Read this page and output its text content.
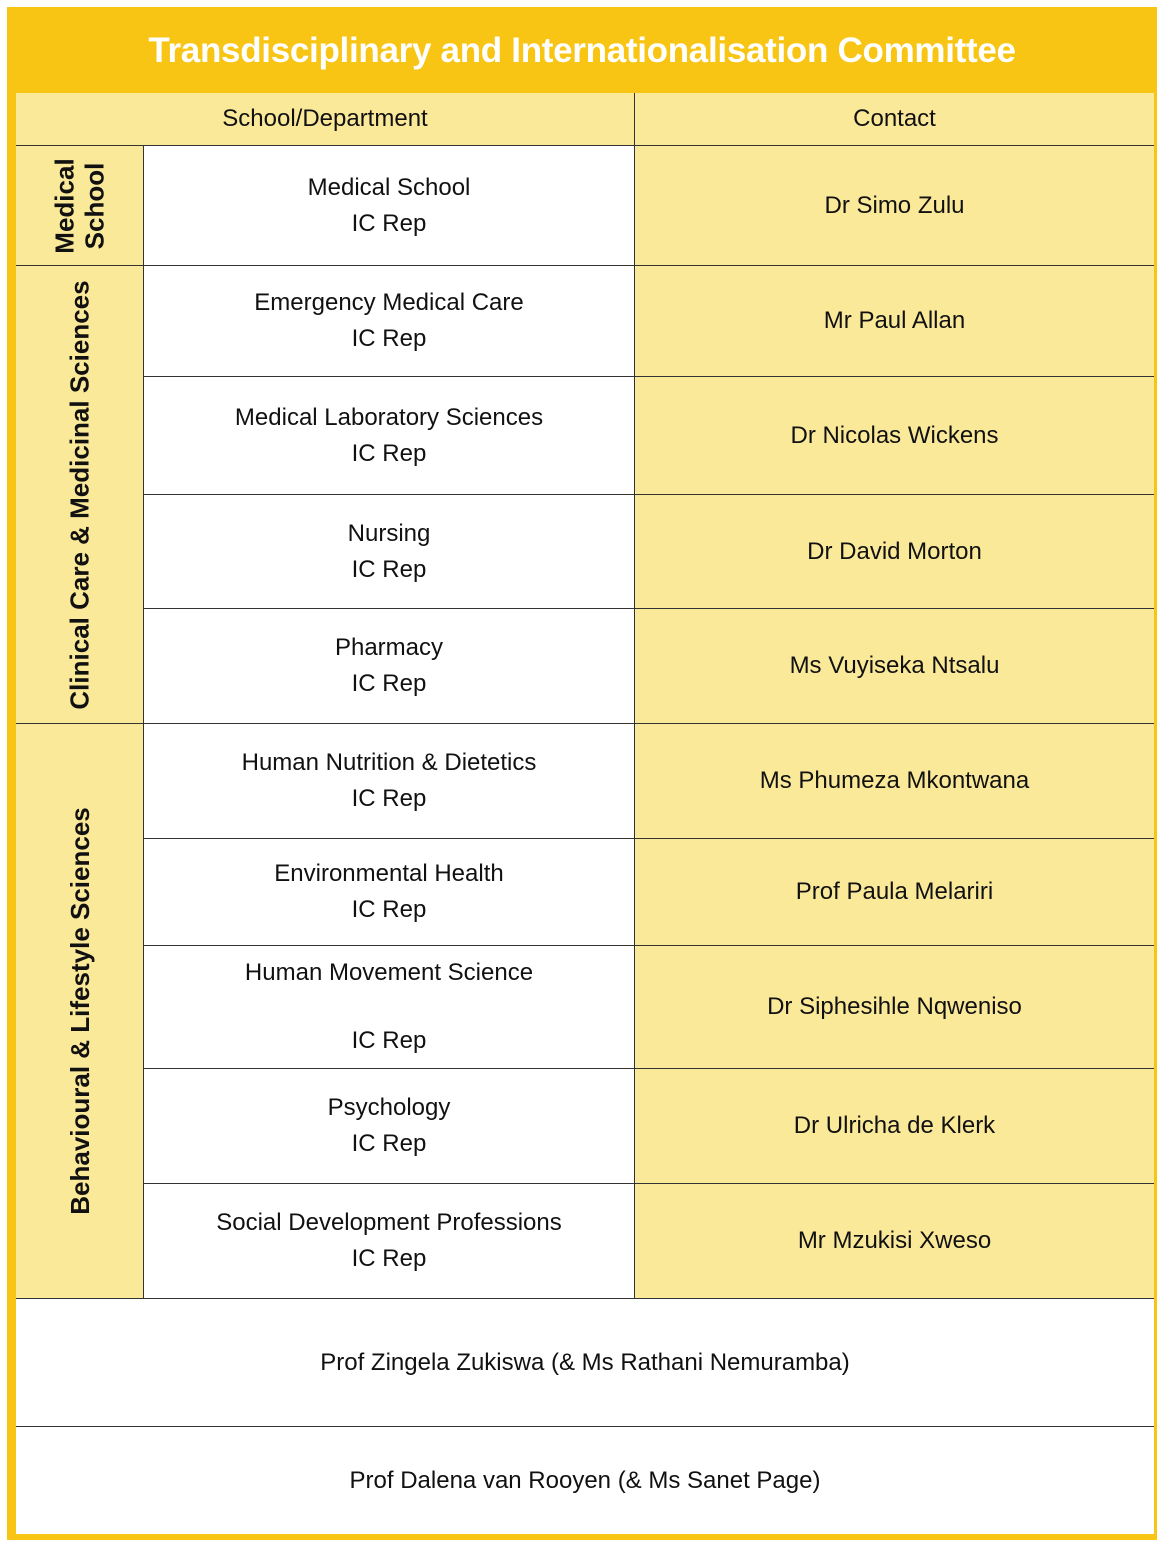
Transdisciplinary and Internationalisation Committee
School/Department	Contact
Medical School
Clinical Care & Medicinal Sciences
Behavioural & Lifestyle Sciences
Medical School
IC Rep
Dr Simo Zulu
Emergency Medical Care
IC Rep
Mr Paul Allan
Medical Laboratory Sciences
IC Rep
Dr Nicolas Wickens
Nursing
IC Rep
Dr David Morton
Pharmacy
IC Rep
Ms Vuyiseka Ntsalu
Human Nutrition & Dietetics
IC Rep
Ms Phumeza Mkontwana
Environmental Health
IC Rep
Prof Paula Melariri
Human Movement Science
IC Rep
Dr Siphesihle Nqweniso
Psychology
IC Rep
Dr Ulricha de Klerk
Social Development Professions
IC Rep
Mr Mzukisi Xweso
Prof Zingela Zukiswa (& Ms Rathani Nemuramba)
Prof Dalena van Rooyen (& Ms Sanet Page)
